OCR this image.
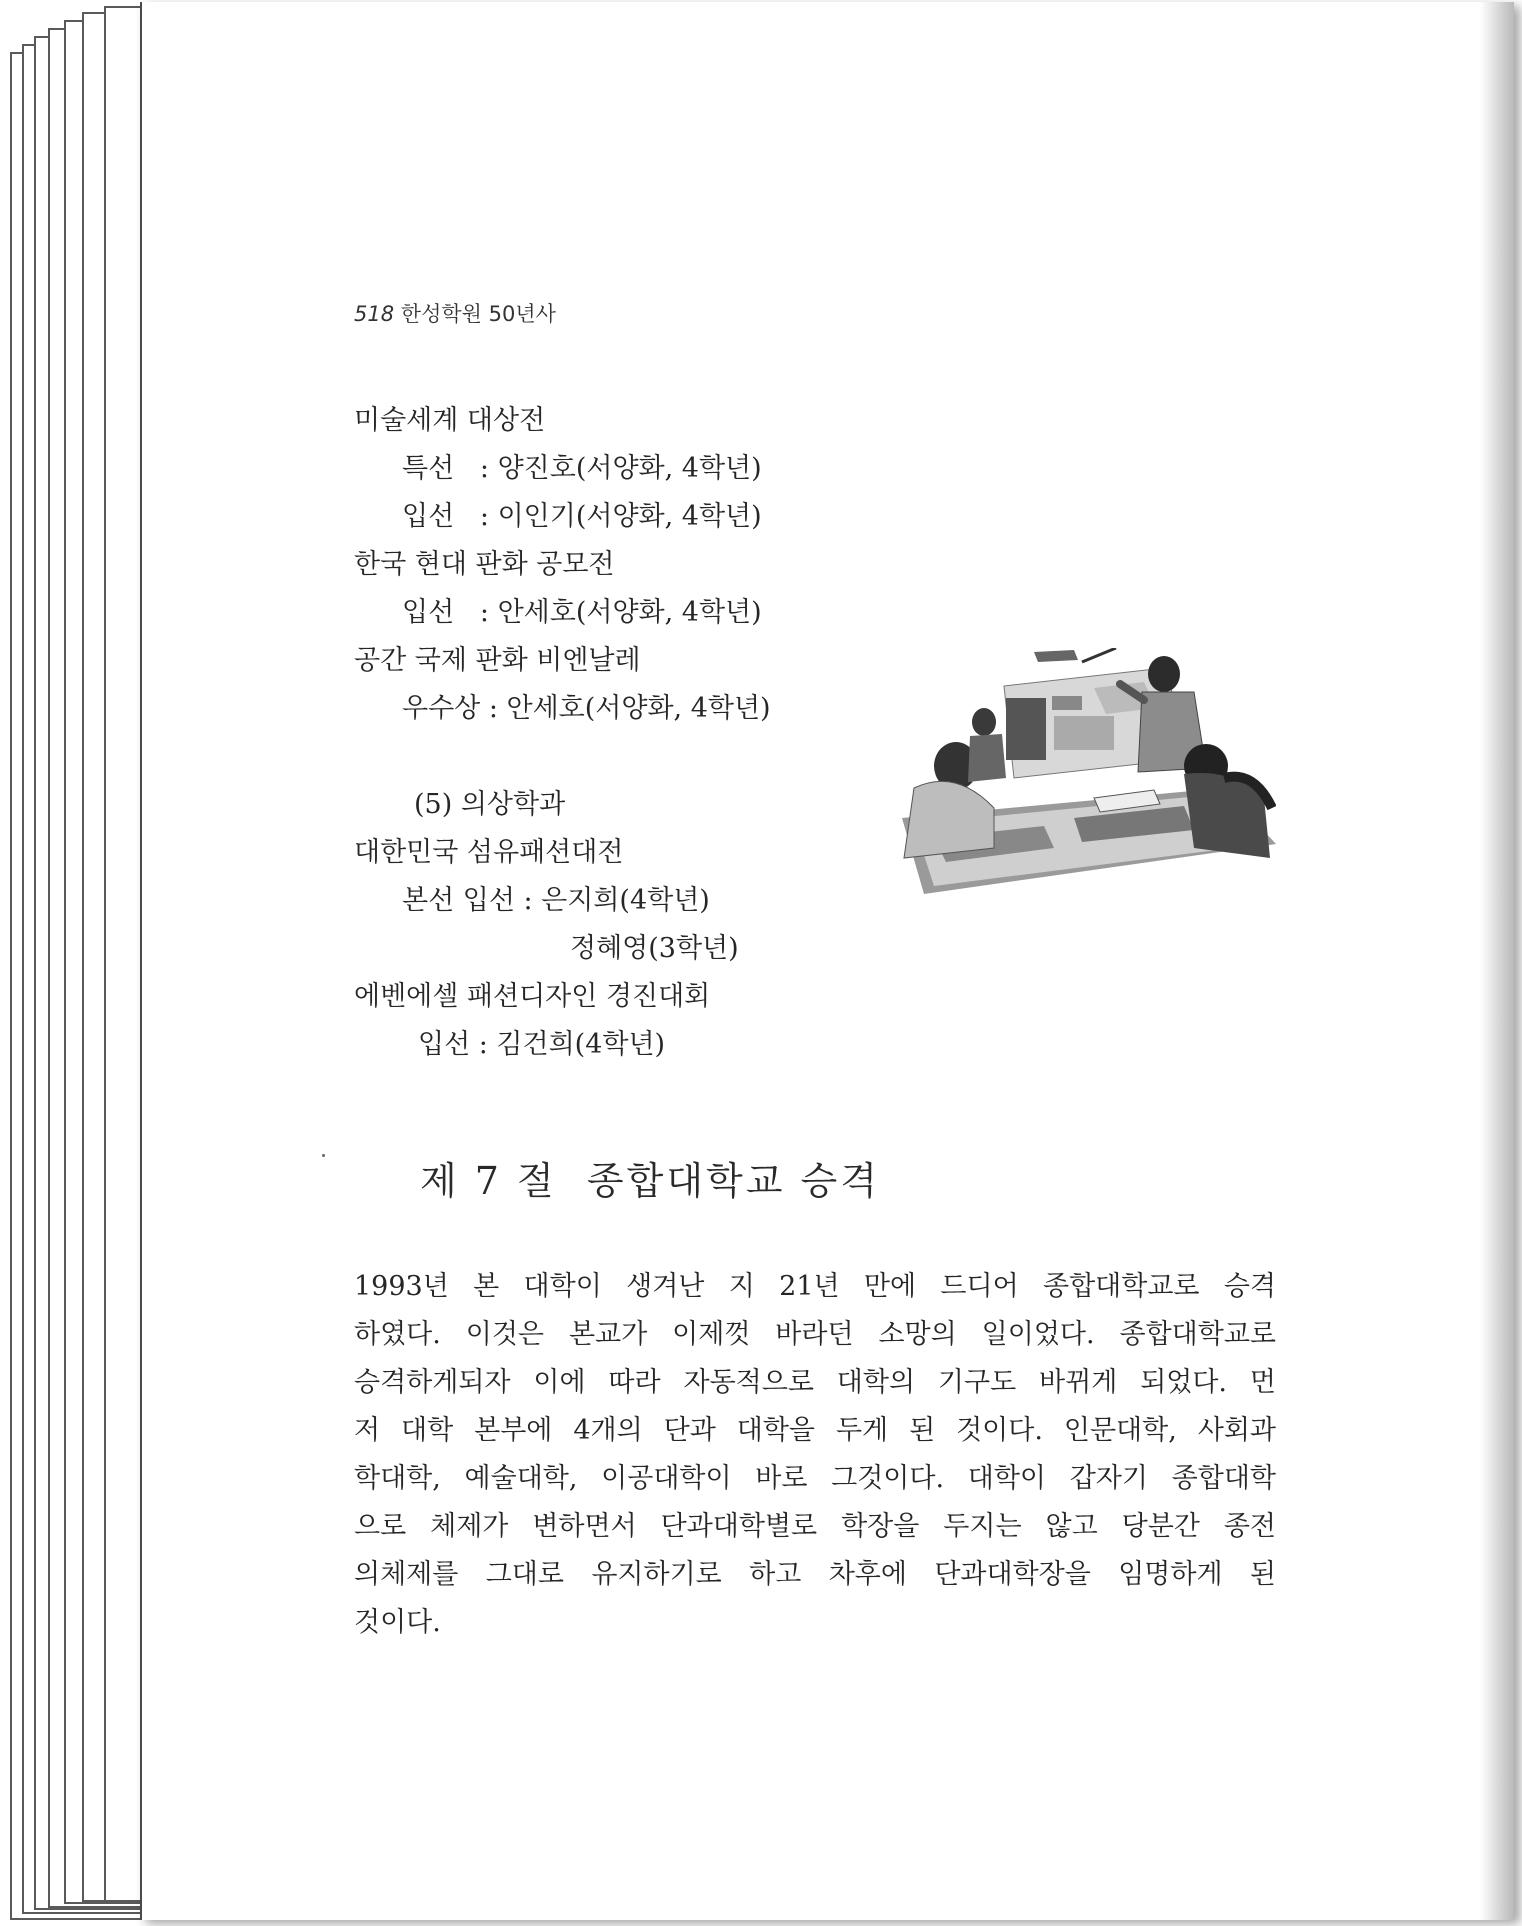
518 한성학원 50년사
미술세계 대상전
특선   : 양진호(서양화, 4학년)
입선   : 이인기(서양화, 4학년)
한국 현대 판화 공모전
입선   : 안세호(서양화, 4학년)
공간 국제 판화 비엔날레
우수상 : 안세호(서양화, 4학년)
(5) 의상학과
대한민국 섬유패션대전
본선 입선 : 은지희(4학년)
정혜영(3학년)
에벤에셀 패션디자인 경진대회
입선 : 김건희(4학년)
제 7 절  종합대학교 승격
1993년 본 대학이 생겨난 지 21년 만에 드디어 종합대학교로 승격
하였다. 이것은 본교가 이제껏 바라던 소망의 일이었다. 종합대학교로
승격하게되자 이에 따라 자동적으로 대학의 기구도 바뀌게 되었다. 먼
저 대학 본부에 4개의 단과 대학을 두게 된 것이다. 인문대학, 사회과
학대학, 예술대학, 이공대학이 바로 그것이다. 대학이 갑자기 종합대학
으로 체제가 변하면서 단과대학별로 학장을 두지는 않고 당분간 종전
의체제를 그대로 유지하기로 하고 차후에 단과대학장을 임명하게 된
것이다.
